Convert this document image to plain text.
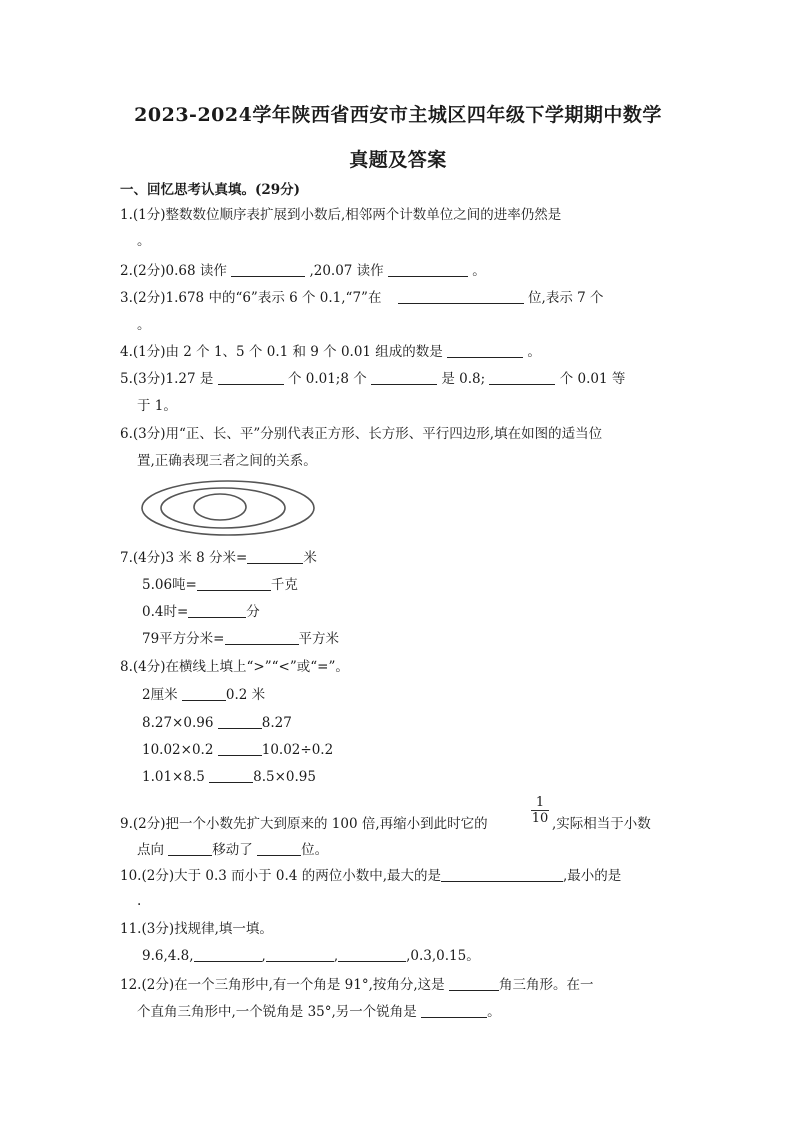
2023-2024学年陕西省西安市主城区四年级下学期期中数学
真题及答案
一、回忆思考认真填。(29分)
1.(1分)整数数位顺序表扩展到小数后,相邻两个计数单位之间的进率仍然是
。
2.(2分)0.68 读作	,20.07 读作	。
3.(2分)1.678 中的“6”表示 6 个 0.1,“7”在	位,表示 7 个
。
4.(1分)由 2 个 1、5 个 0.1 和 9 个 0.01 组成的数是	。
5.(3分)1.27 是	个 0.01;8 个	是 0.8;	个 0.01 等
于 1。
6.(3分)用“正、长、平”分别代表正方形、长方形、平行四边形,填在如图的适当位
置,正确表现三者之间的关系。
7.(4分)3 米 8 分米=	米
5.06吨=	千克
0.4时=	分
79平方分米=	平方米
8.(4分)在横线上填上“>”“<”或“=”。
2厘米	0.2 米
8.27×0.96	8.27
10.02×0.2	10.02÷0.2
1.01×8.5	8.5×0.95
9.(2分)把一个小数先扩大到原来的 100 倍,再缩小到此时它的	$\frac{1}{10}$ ,实际相当于小数
点向	移动了	位。
10.(2分)大于 0.3 而小于 0.4 的两位小数中,最大的是	,最小的是
.
11.(3分)找规律,填一填。
9.6,4.8,	,	,	,0.3,0.15。
12.(2分)在一个三角形中,有一个角是 91°,按角分,这是	角三角形。在一
个直角三角形中,一个锐角是 35°,另一个锐角是	。
